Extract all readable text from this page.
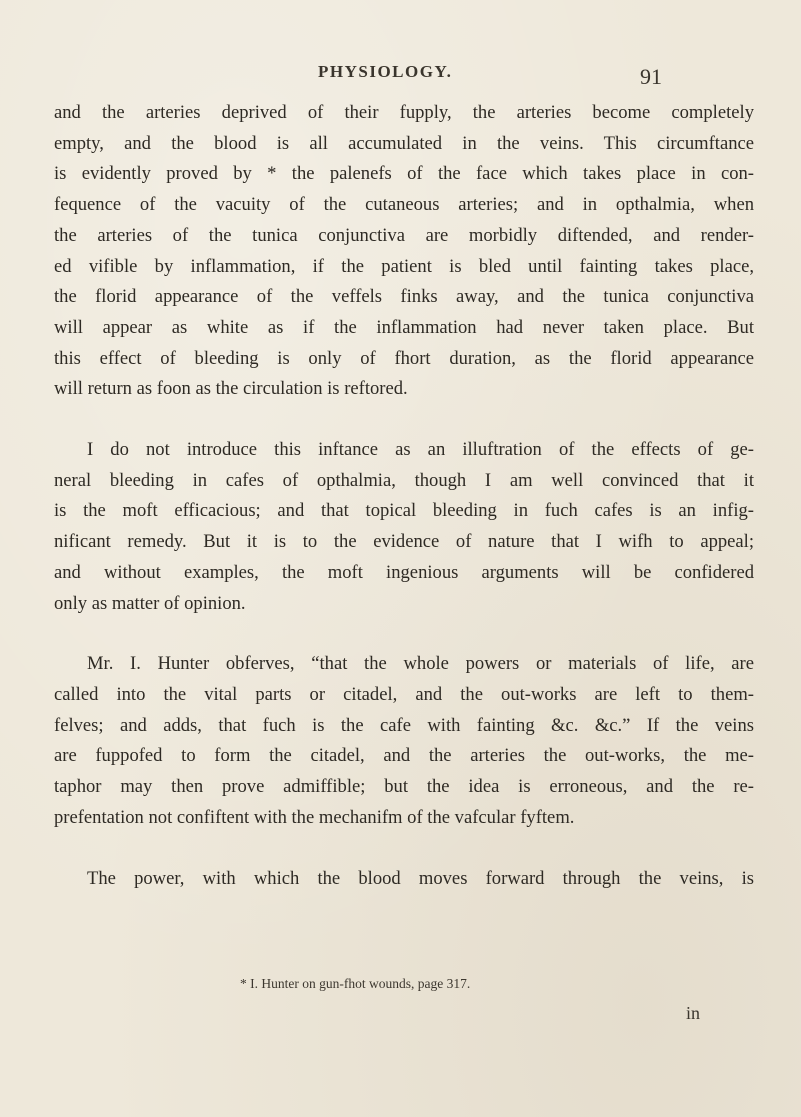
PHYSIOLOGY.	91

and the arteries deprived of their fupply, the arteries become completely
empty, and the blood is all accumulated in the veins. This circumftance
is evidently proved by * the palenefs of the face which takes place in con-
fequence of the vacuity of the cutaneous arteries; and in opthalmia, when
the arteries of the tunica conjunctiva are morbidly diftended, and render-
ed vifible by inflammation, if the patient is bled until fainting takes place,
the florid appearance of the veffels finks away, and the tunica conjunctiva
will appear as white as if the inflammation had never taken place. But
this effect of bleeding is only of fhort duration, as the florid appearance
will return as foon as the circulation is reftored.

I do not introduce this inftance as an illuftration of the effects of ge-
neral bleeding in cafes of opthalmia, though I am well convinced that it
is the moft efficacious; and that topical bleeding in fuch cafes is an infig-
nificant remedy. But it is to the evidence of nature that I wifh to appeal;
and without examples, the moft ingenious arguments will be confidered
only as matter of opinion.

Mr. I. Hunter obferves, “that the whole powers or materials of life, are
called into the vital parts or citadel, and the out-works are left to them-
felves; and adds, that fuch is the cafe with fainting &c. &c.” If the veins
are fuppofed to form the citadel, and the arteries the out-works, the me-
taphor may then prove admiffible; but the idea is erroneous, and the re-
prefentation not confiftent with the mechanifm of the vafcular fyftem.

The power, with which the blood moves forward through the veins, is

* I. Hunter on gun-fhot wounds, page 317.
in
